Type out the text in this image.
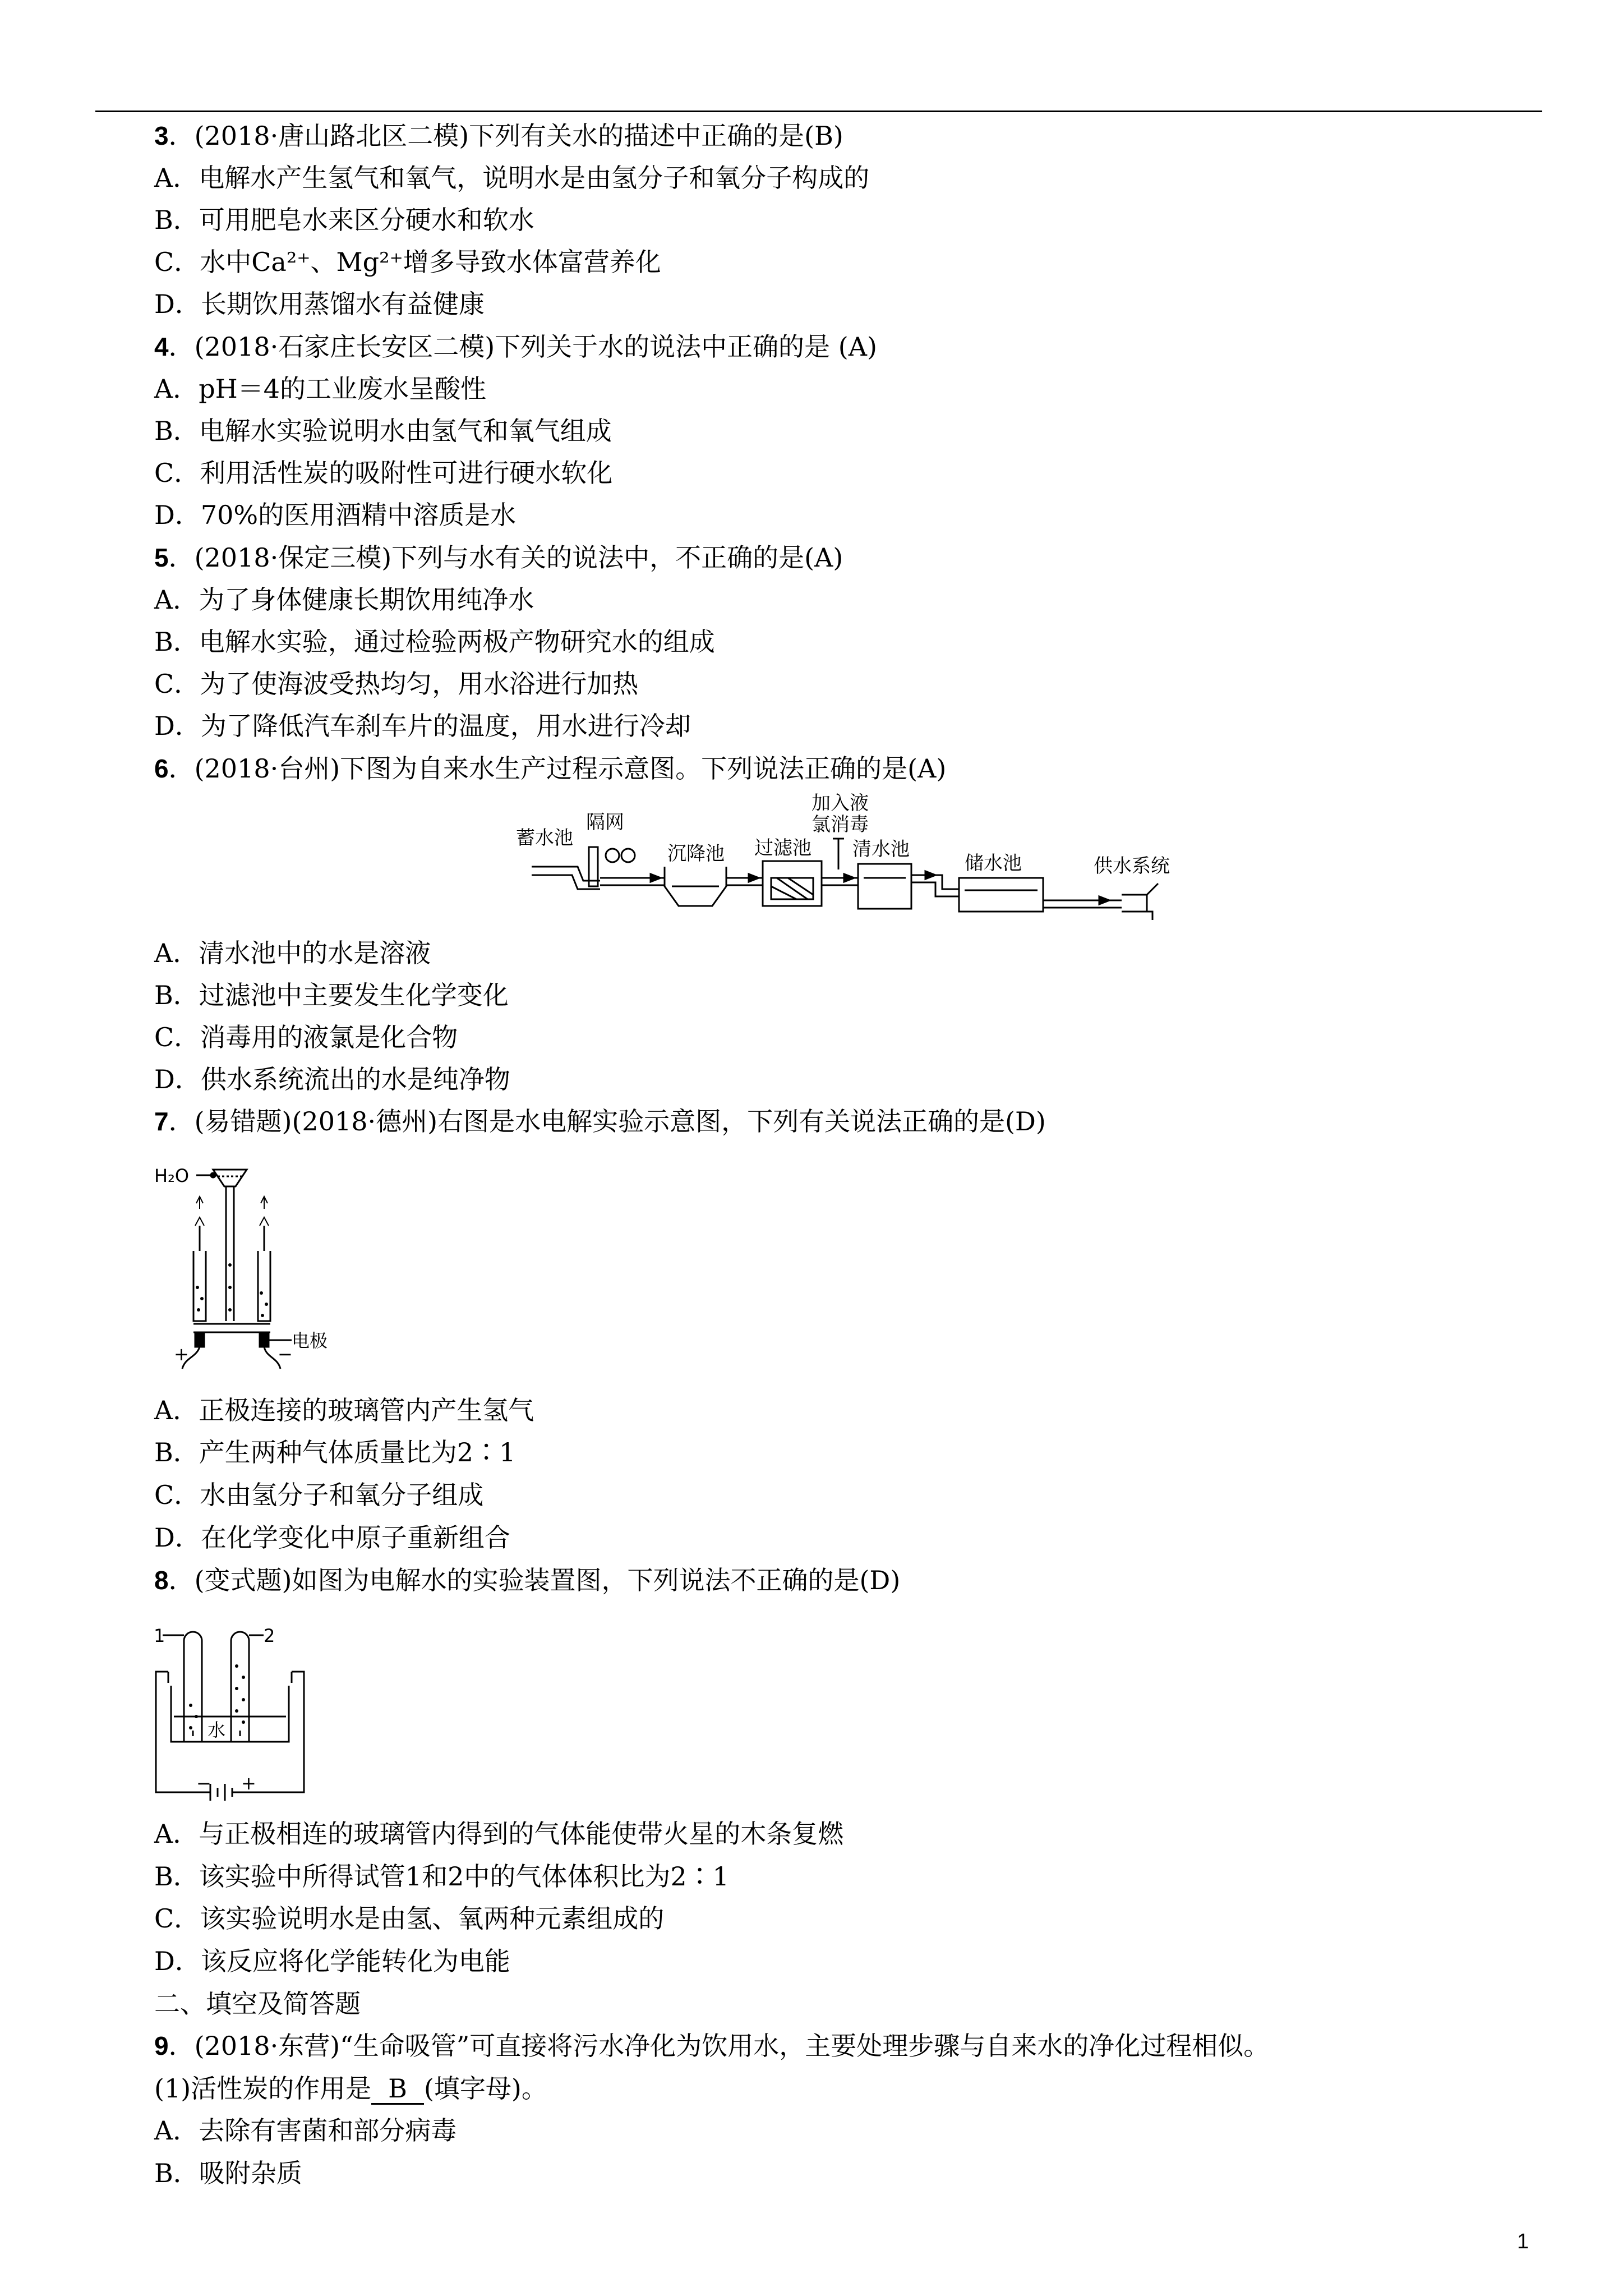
3．(2018·唐山路北区二模)下列有关水的描述中正确的是(B)
A．电解水产生氢气和氧气，说明水是由氢分子和氧分子构成的
B．可用肥皂水来区分硬水和软水
C．水中Ca²⁺、Mg²⁺增多导致水体富营养化
D．长期饮用蒸馏水有益健康
4．(2018·石家庄长安区二模)下列关于水的说法中正确的是 (A)
A．pH＝4的工业废水呈酸性
B．电解水实验说明水由氢气和氧气组成
C．利用活性炭的吸附性可进行硬水软化
D．70%的医用酒精中溶质是水
5．(2018·保定三模)下列与水有关的说法中，不正确的是(A)
A．为了身体健康长期饮用纯净水
B．电解水实验，通过检验两极产物研究水的组成
C．为了使海波受热均匀，用水浴进行加热
D．为了降低汽车刹车片的温度，用水进行冷却
6．(2018·台州)下图为自来水生产过程示意图。下列说法正确的是(A)
蓄水池
隔网
沉降池 过滤池
加入液
氯消毒
清水池
储水池	供水系统
A．清水池中的水是溶液
B．过滤池中主要发生化学变化
C．消毒用的液氯是化合物
D．供水系统流出的水是纯净物
7．(易错题)(2018·德州)右图是水电解实验示意图，下列有关说法正确的是(D)
H₂O
电极
+	−
A．正极连接的玻璃管内产生氢气
B．产生两种气体质量比为2∶1
C．水由氢分子和氧分子组成
D．在化学变化中原子重新组合
8．(变式题)如图为电解水的实验装置图，下列说法不正确的是(D)
1	2
水
− +
A．与正极相连的玻璃管内得到的气体能使带火星的木条复燃
B．该实验中所得试管1和2中的气体体积比为2∶1
C．该实验说明水是由氢、氧两种元素组成的
D．该反应将化学能转化为电能
二、填空及简答题
9．(2018·东营)“生命吸管”可直接将污水净化为饮用水，主要处理步骤与自来水的净化过程相似。
(1)活性炭的作用是 B (填字母)。
A．去除有害菌和部分病毒
B．吸附杂质
1
